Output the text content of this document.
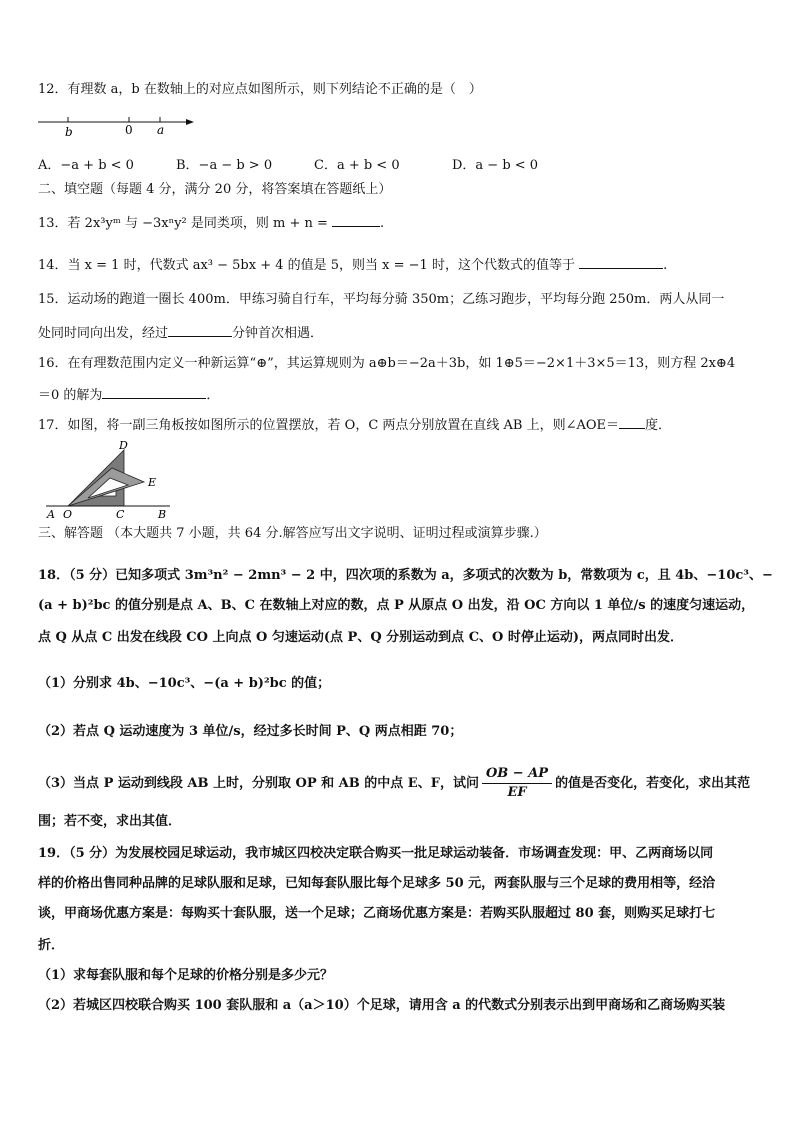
12．有理数 a，b 在数轴上的对应点如图所示，则下列结论不正确的是（　）
b	0 a
A．−a + b < 0	B．−a − b > 0	C．a + b < 0	D．a − b < 0
二、填空题（每题 4 分，满分 20 分，将答案填在答题纸上）
13．若 2x³yᵐ 与 −3xⁿy² 是同类项，则 m + n =	.
14．当 x = 1 时，代数式 ax³ − 5bx + 4 的值是 5，则当 x = −1 时，这个代数式的值等于	.
15．运动场的跑道一圈长 400m．甲练习骑自行车，平均每分骑 350m；乙练习跑步，平均每分跑 250m．两人从同一
处同时同向出发，经过	分钟首次相遇．
16．在有理数范围内定义一种新运算“⊕”，其运算规则为 a⊕b＝−2a＋3b，如 1⊕5＝−2×1＋3×5＝13，则方程 2x⊕4
＝0 的解为	．
17．如图，将一副三角板按如图所示的位置摆放，若 O，C 两点分别放置在直线 AB 上，则∠AOE＝ 度．
D
E
A O	C	B
三、解答题 （本大题共 7 小题，共 64 分.解答应写出文字说明、证明过程或演算步骤.）
18．（5 分）已知多项式 3m³n² − 2mn³ − 2 中，四次项的系数为 a，多项式的次数为 b，常数项为 c，且 4b、−10c³、−
(a + b)²bc 的值分别是点 A、B、C 在数轴上对应的数，点 P 从原点 O 出发，沿 OC 方向以 1 单位/s 的速度匀速运动，
点 Q 从点 C 出发在线段 CO 上向点 O 匀速运动(点 P、Q 分别运动到点 C、O 时停止运动)，两点同时出发．
（1）分别求 4b、−10c³、−(a + b)²bc 的值；
（2）若点 Q 运动速度为 3 单位/s，经过多长时间 P、Q 两点相距 70；
（3）当点 P 运动到线段 AB 上时，分别取 OP 和 AB 的中点 E、F，试问 $\frac{OB - AP}{EF}$ 的值是否变化，若变化，求出其范
围；若不变，求出其值．
19．（5 分）为发展校园足球运动，我市城区四校决定联合购买一批足球运动装备．市场调查发现：甲、乙两商场以同
样的价格出售同种品牌的足球队服和足球，已知每套队服比每个足球多 50 元，两套队服与三个足球的费用相等，经洽
谈，甲商场优惠方案是：每购买十套队服，送一个足球；乙商场优惠方案是：若购买队服超过 80 套，则购买足球打七
折．
（1）求每套队服和每个足球的价格分别是多少元？
（2）若城区四校联合购买 100 套队服和 a（a＞10）个足球，请用含 a 的代数式分别表示出到甲商场和乙商场购买装
